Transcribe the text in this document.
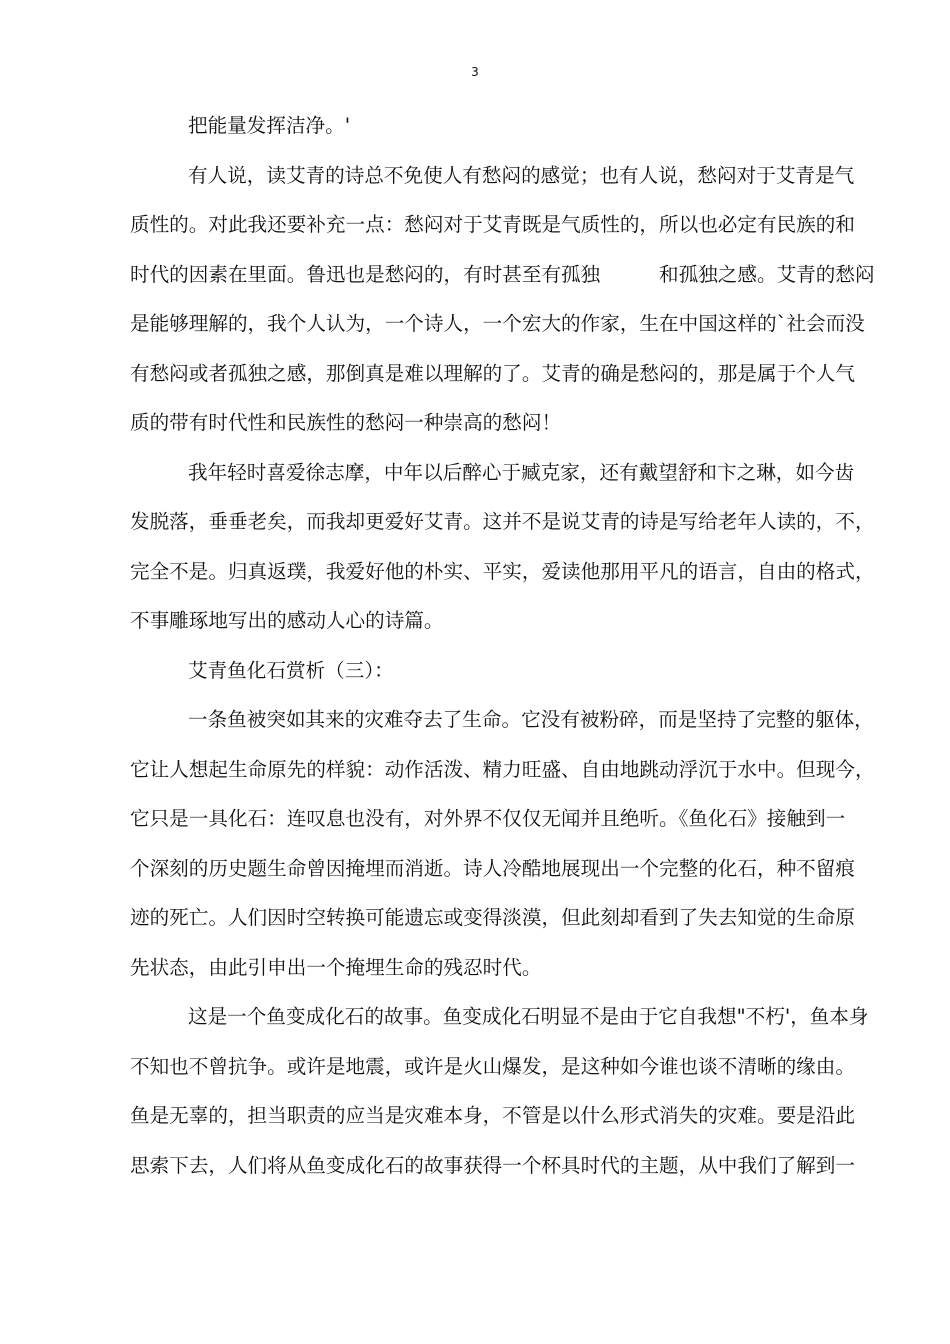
3

把能量发挥洁净。'

有人说，读艾青的诗总不免使人有愁闷的感觉；也有人说，愁闷对于艾青是气
质性的。对此我还要补充一点：愁闷对于艾青既是气质性的，所以也必定有民族的和
时代的因素在里面。鲁迅也是愁闷的，有时甚至有孤独　　　和孤独之感。艾青的愁闷
是能够理解的，我个人认为，一个诗人，一个宏大的作家，生在中国这样的`社会而没
有愁闷或者孤独之感，那倒真是难以理解的了。艾青的确是愁闷的，那是属于个人气
质的带有时代性和民族性的愁闷一种崇高的愁闷！

我年轻时喜爱徐志摩，中年以后醉心于臧克家，还有戴望舒和卞之琳，如今齿
发脱落，垂垂老矣，而我却更爱好艾青。这并不是说艾青的诗是写给老年人读的，不，
完全不是。归真返璞，我爱好他的朴实、平实，爱读他那用平凡的语言，自由的格式，
不事雕琢地写出的感动人心的诗篇。

艾青鱼化石赏析（三）：

一条鱼被突如其来的灾难夺去了生命。它没有被粉碎，而是坚持了完整的躯体，
它让人想起生命原先的样貌：动作活泼、精力旺盛、自由地跳动浮沉于水中。但现今，
它只是一具化石：连叹息也没有，对外界不仅仅无闻并且绝听。《鱼化石》接触到一
个深刻的历史题生命曾因掩埋而消逝。诗人冷酷地展现出一个完整的化石，种不留痕
迹的死亡。人们因时空转换可能遗忘或变得淡漠，但此刻却看到了失去知觉的生命原
先状态，由此引申出一个掩埋生命的残忍时代。

这是一个鱼变成化石的故事。鱼变成化石明显不是由于它自我想"不朽'，鱼本身
不知也不曾抗争。或许是地震，或许是火山爆发，是这种如今谁也谈不清晰的缘由。
鱼是无辜的，担当职责的应当是灾难本身，不管是以什么形式消失的灾难。要是沿此
思索下去，人们将从鱼变成化石的故事获得一个杯具时代的主题，从中我们了解到一
